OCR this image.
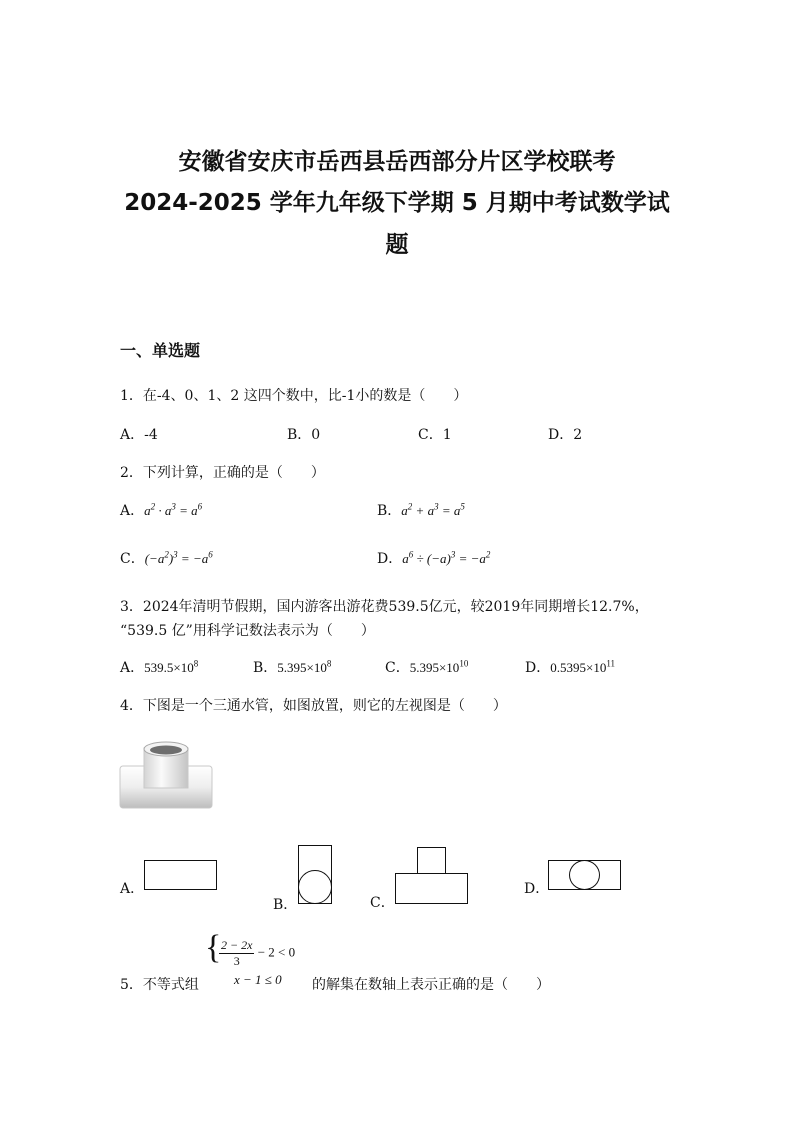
安徽省安庆市岳西县岳西部分片区学校联考
2024-2025 学年九年级下学期 5 月期中考试数学试
题
一、单选题
1．在-4、0、1、2 这四个数中，比-1小的数是（　　）
A．-4	B．0	C．1	D．2
2．下列计算，正确的是（　　）
A．$a^2 \cdot a^3 = a^6$	B．$a^2 + a^3 = a^5$
C．$(-a^2)^3 = -a^6$	D．$a^6 \div (-a)^3 = -a^2$
3．2024年清明节假期，国内游客出游花费539.5亿元，较2019年同期增长12.7%，
“539.5 亿”用科学记数法表示为（　　）
A．$539.5\times 10^8$	B．$5.395\times 10^8$	C．$5.395\times 10^{10}$	D．$0.5395\times 10^{11}$
4．下图是一个三通水管，如图放置，则它的左视图是（　　）
A．
B．	C．
D．
5．不等式组
{
$\frac{2 - 2x}{3} - 2 < 0$
x − 1 ≤ 0 的解集在数轴上表示正确的是（　　）
